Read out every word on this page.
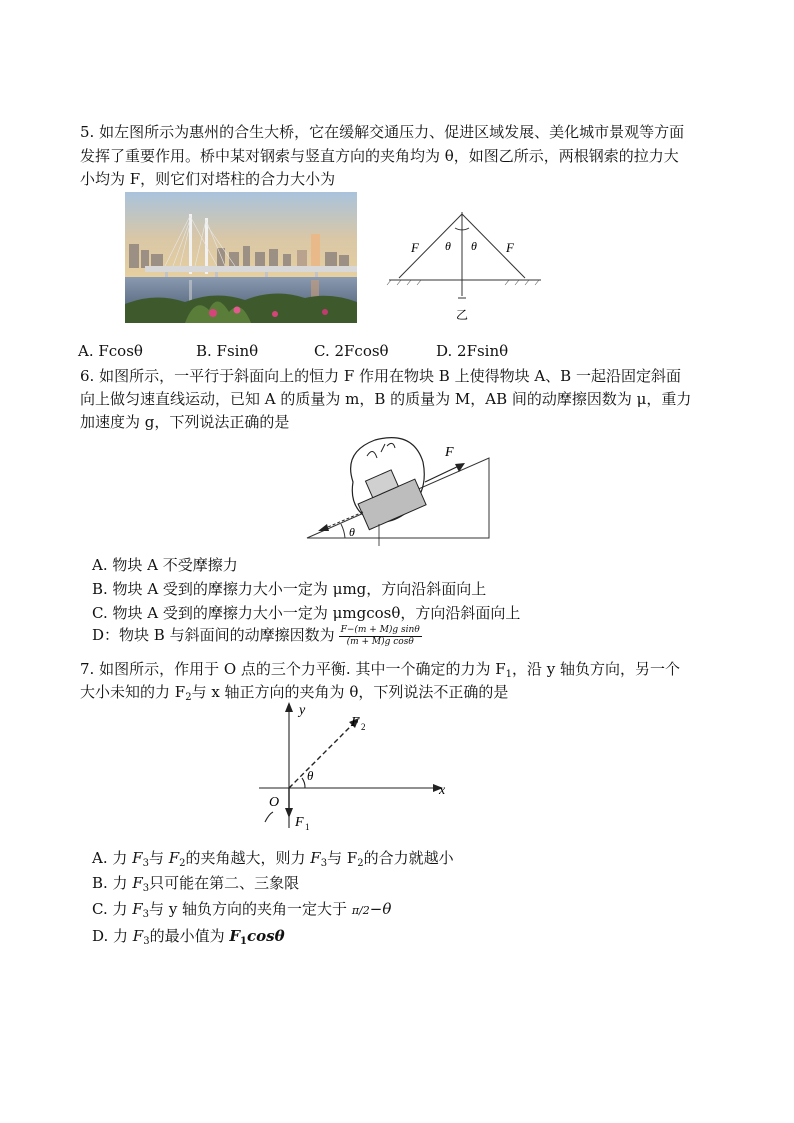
5. 如左图所示为惠州的合生大桥，它在缓解交通压力、促进区域发展、美化城市景观等方面
发挥了重要作用。桥中某对钢索与竖直方向的夹角均为 θ，如图乙所示，两根钢索的拉力大
小均为 F，则它们对塔柱的合力大小为
F θ θ F
乙
A. Fcosθ	B. Fsinθ	C. 2Fcosθ	D. 2Fsinθ
6. 如图所示，一平行于斜面向上的恒力 F 作用在物块 B 上使得物块 A、B 一起沿固定斜面
向上做匀速直线运动，已知 A 的质量为 m，B 的质量为 M，AB 间的动摩擦因数为 μ，重力
加速度为 g，下列说法正确的是
F
θ
A. 物块 A 不受摩擦力
B. 物块 A 受到的摩擦力大小一定为 μmg，方向沿斜面向上
C. 物块 A 受到的摩擦力大小一定为 μmgcosθ，方向沿斜面向上
D：物块 B 与斜面间的动摩擦因数为 $\frac{\text{F−(m + M)g sinθ}}{\text{(m + M)g cosθ}}$
7. 如图所示，作用于 O 点的三个力平衡. 其中一个确定的力为 $F_1$，沿 y 轴负方向，另一个
大小未知的力 $F_2$与 x 轴正方向的夹角为 θ，下列说法不正确的是
y
x
O
θ
F 2
F 1
A. 力 $F_3$与 $F_2$的夹角越大，则力 $F_3$与 $F_2$的合力就越小
B. 力 $F_3$只可能在第二、三象限
C. 力 $F_3$与 y 轴负方向的夹角一定大于 π/2−θ
D. 力 $F_3$的最小值为 $F_1\cos\theta$
